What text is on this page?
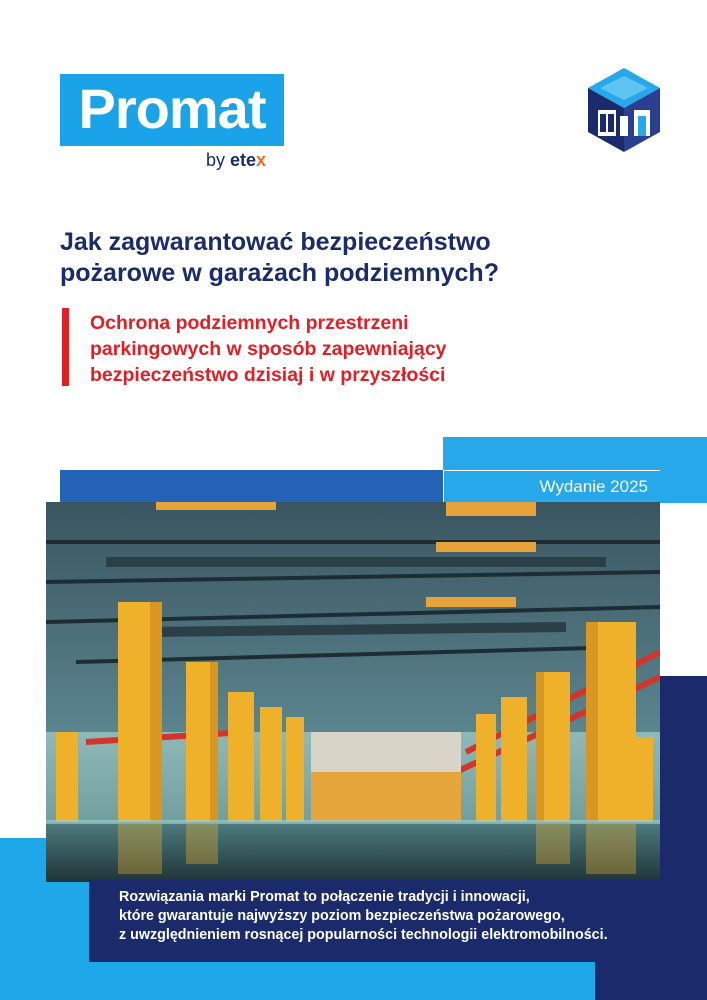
Promat
by etex
Jak zagwarantować bezpieczeństwo
pożarowe w garażach podziemnych?
Ochrona podziemnych przestrzeni
parkingowych w sposób zapewniający
bezpieczeństwo dzisiaj i w przyszłości
Wydanie 2025

Rozwiązania marki Promat to połączenie tradycji i innowacji,
które gwarantuje najwyższy poziom bezpieczeństwa pożarowego,
z uwzględnieniem rosnącej popularności technologii elektromobilności.
